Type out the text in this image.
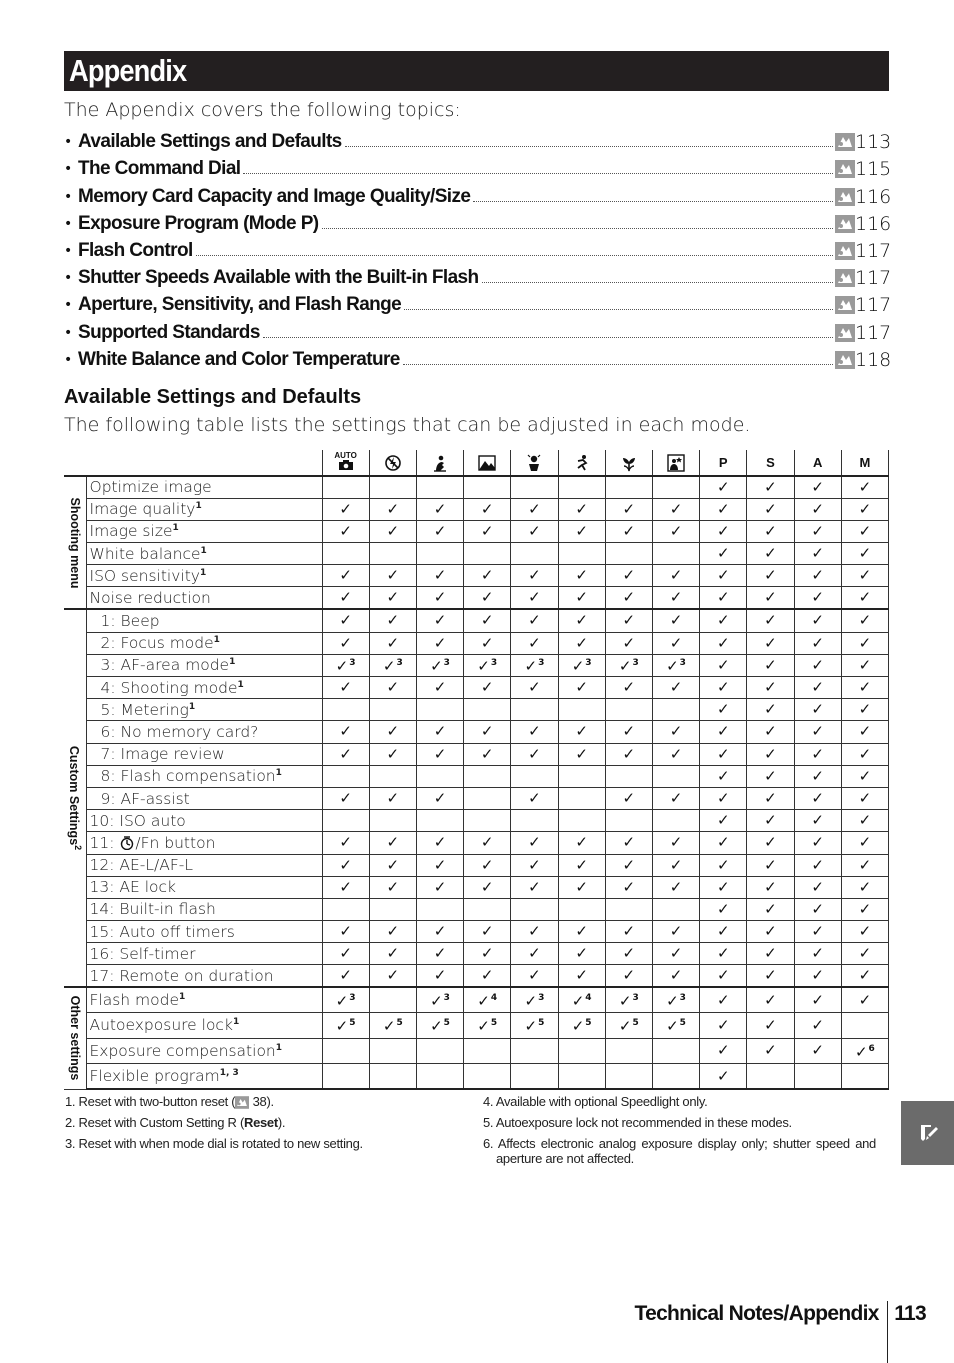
Appendix
The Appendix covers the following topics:
• Available Settings and Defaults	113
• The Command Dial	115
• Memory Card Capacity and Image Quality/Size	116
• Exposure Program (Mode P)	116
• Flash Control	117
• Shutter Speeds Available with the Built-in Flash	117
• Aperture, Sensitivity, and Flash Range	117
• Supported Standards	117
• White Balance and Color Temperature	118
Available Settings and Defaults
The following table lists the settings that can be adjusted in each mode.

		AUTO								P	S	A	M

Shooting menu	Optimize image									✓	✓	✓	✓
	Image quality$^1$	✓	✓	✓	✓	✓	✓	✓	✓	✓	✓	✓	✓
	Image size$^1$	✓	✓	✓	✓	✓	✓	✓	✓	✓	✓	✓	✓
	White balance$^1$									✓	✓	✓	✓
	ISO sensitivity$^1$	✓	✓	✓	✓	✓	✓	✓	✓	✓	✓	✓	✓
	Noise reduction	✓	✓	✓	✓	✓	✓	✓	✓	✓	✓	✓	✓

Custom Settings$^2$	1: Beep	✓	✓	✓	✓	✓	✓	✓	✓	✓	✓	✓	✓
	2: Focus mode$^1$	✓	✓	✓	✓	✓	✓	✓	✓	✓	✓	✓	✓
	3: AF-area mode$^1$	✓$^3$	✓$^3$	✓$^3$	✓$^3$	✓$^3$	✓$^3$	✓$^3$	✓$^3$	✓	✓	✓	✓
	4: Shooting mode$^1$	✓	✓	✓	✓	✓	✓	✓	✓	✓	✓	✓	✓
	5: Metering$^1$									✓	✓	✓	✓
	6: No memory card?	✓	✓	✓	✓	✓	✓	✓	✓	✓	✓	✓	✓
	7: Image review	✓	✓	✓	✓	✓	✓	✓	✓	✓	✓	✓	✓
	8: Flash compensation$^1$									✓	✓	✓	✓
	9: AF-assist	✓	✓	✓		✓		✓	✓	✓	✓	✓	✓
	10: ISO auto									✓	✓	✓	✓
	11: /Fn button	✓	✓	✓	✓	✓	✓	✓	✓	✓	✓	✓	✓
	12: AE-L/AF-L	✓	✓	✓	✓	✓	✓	✓	✓	✓	✓	✓	✓
	13: AE lock	✓	✓	✓	✓	✓	✓	✓	✓	✓	✓	✓	✓
	14: Built-in flash									✓	✓	✓	✓
	15: Auto off timers	✓	✓	✓	✓	✓	✓	✓	✓	✓	✓	✓	✓
	16: Self-timer	✓	✓	✓	✓	✓	✓	✓	✓	✓	✓	✓	✓
	17: Remote on duration	✓	✓	✓	✓	✓	✓	✓	✓	✓	✓	✓	✓

Other settings	Flash mode$^1$	✓$^3$		✓$^3$	✓$^4$	✓$^3$	✓$^4$	✓$^3$	✓$^3$	✓	✓	✓	✓
	Autoexposure lock$^1$	✓$^5$	✓$^5$	✓$^5$	✓$^5$	✓$^5$	✓$^5$	✓$^5$	✓$^5$	✓	✓	✓	
	Exposure compensation$^1$									✓	✓	✓	✓$^6$
	Flexible program$^{1, 3}$									✓			

1. Reset with two-button reset ( 38).

2. Reset with Custom Setting R (Reset).

3. Reset with when mode dial is rotated to new setting.

4. Available with optional Speedlight only.

5. Autoexposure lock not recommended in these modes.

6. Affects electronic analog exposure display only; shutter speed and aperture are not affected.

Technical Notes/Appendix 113
